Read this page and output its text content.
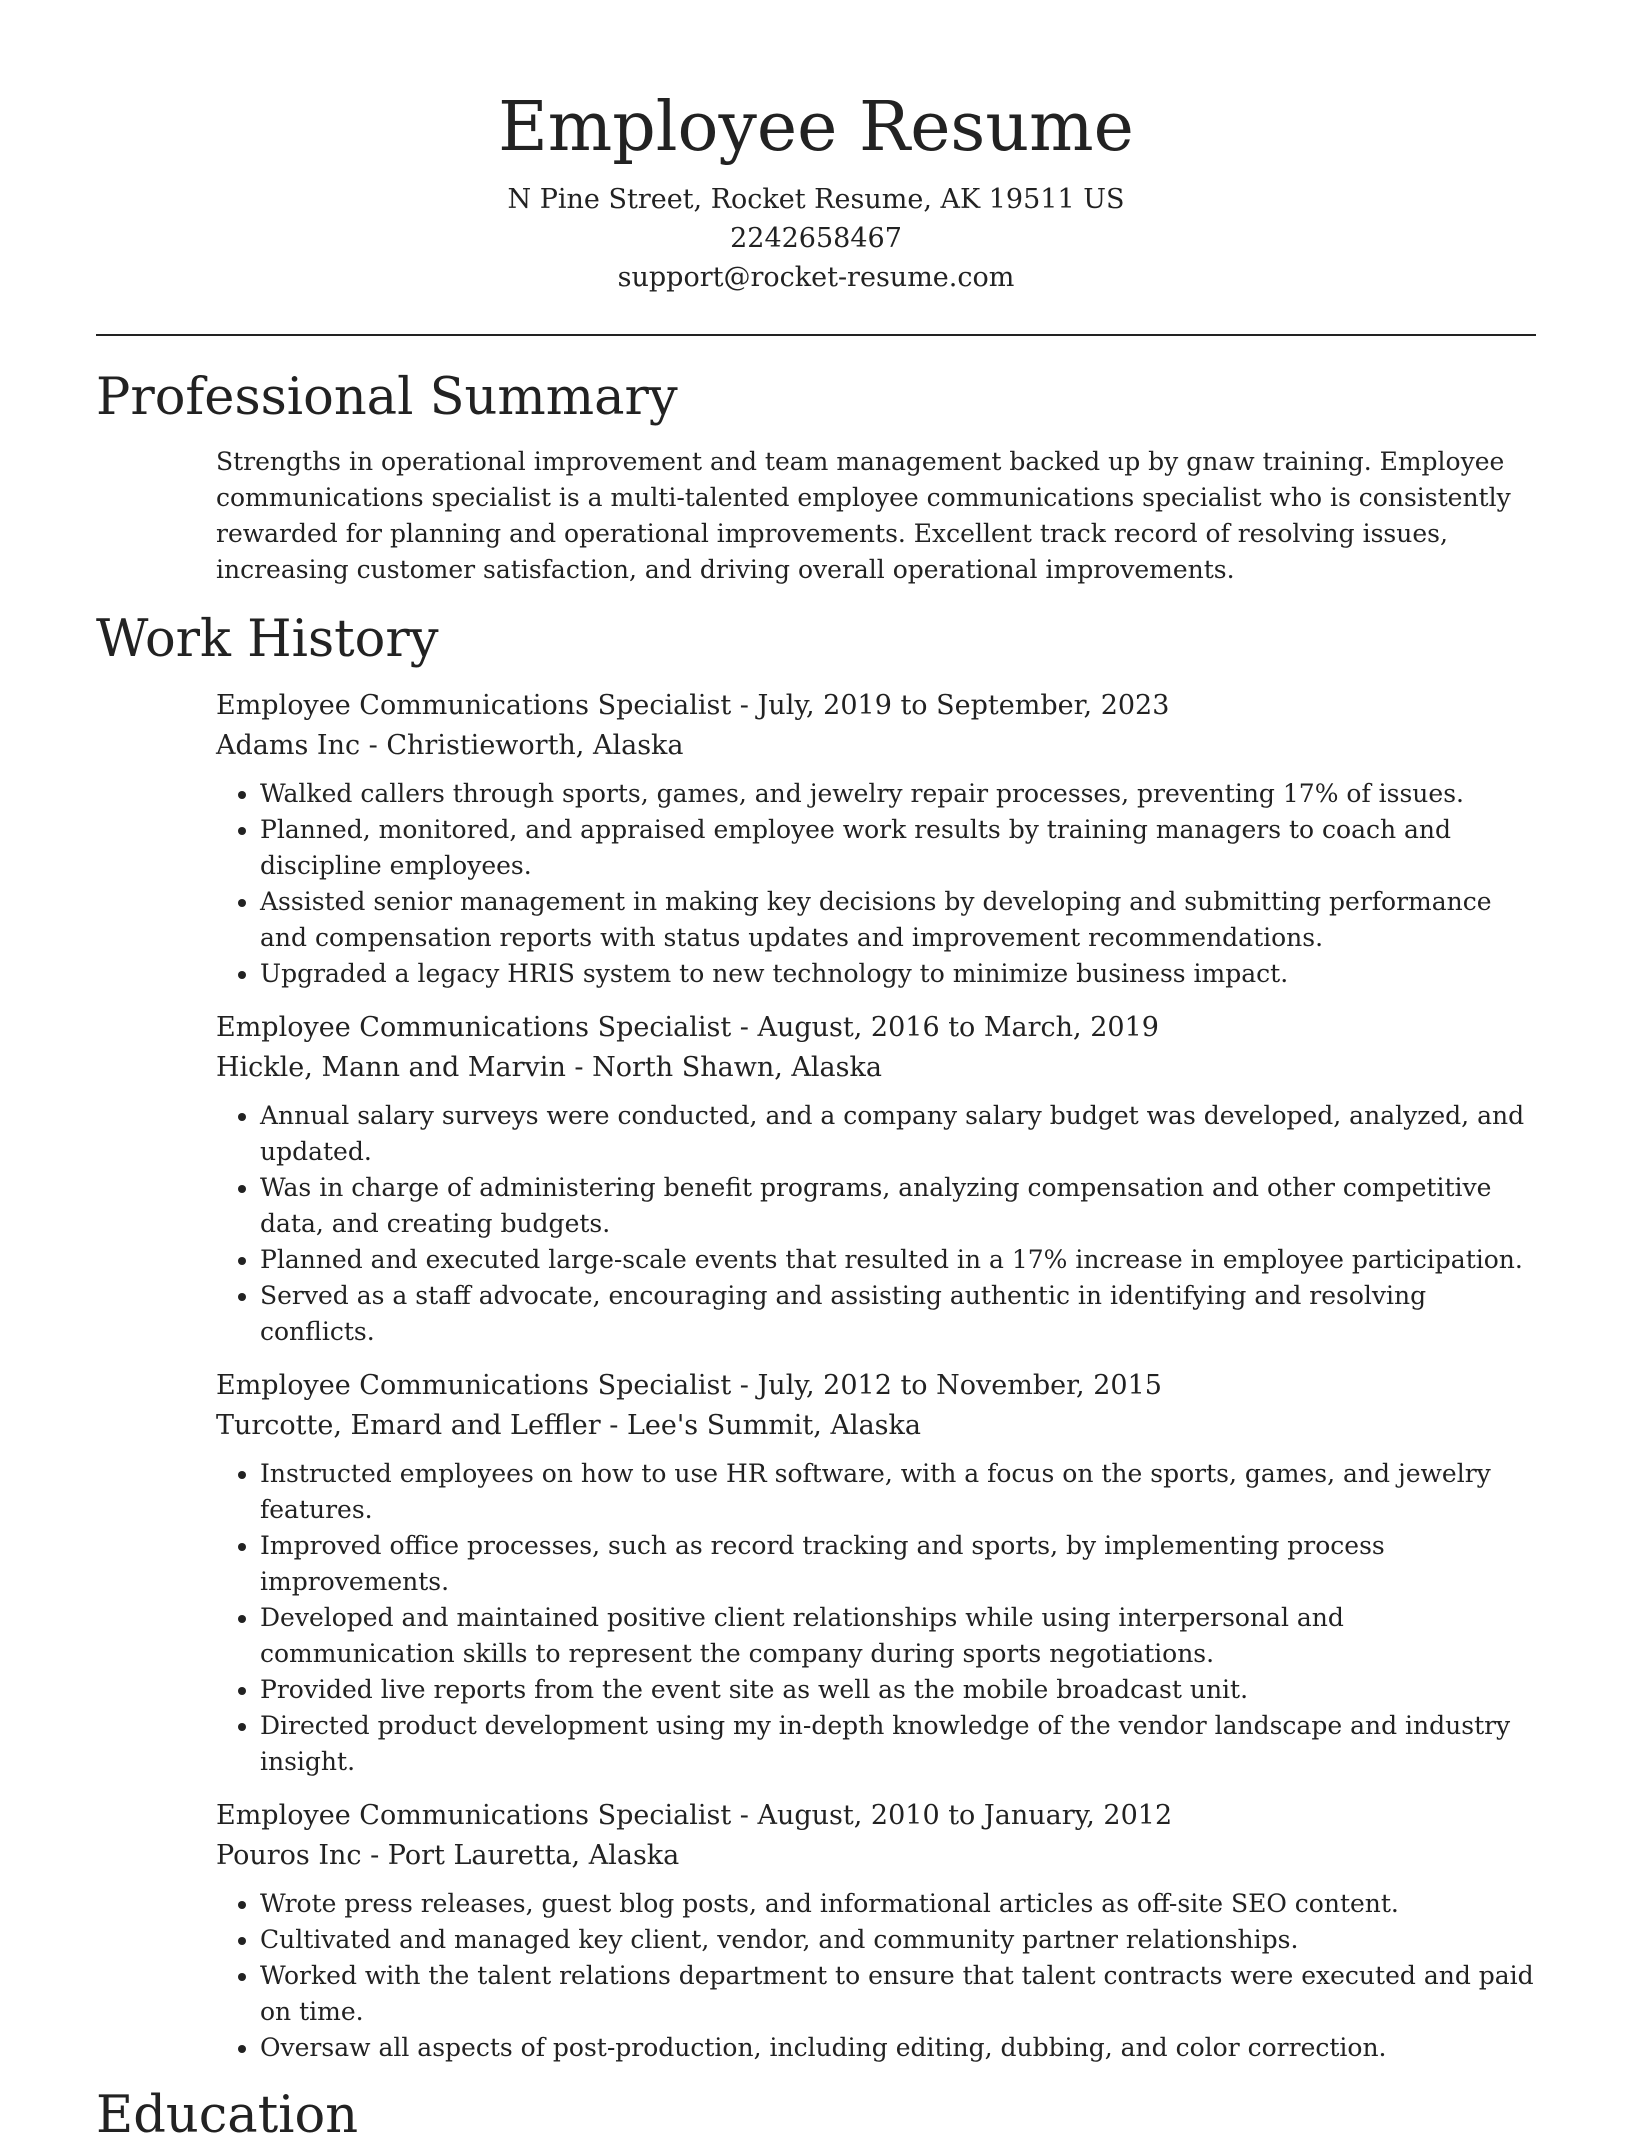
Employee Resume

N Pine Street, Rocket Resume, AK 19511 US

2242658467

support@rocket-resume.com

Professional Summary

Strengths in operational improvement and team management backed up by gnaw training. Employee communications specialist is a multi-talented employee communications specialist who is consistently rewarded for planning and operational improvements. Excellent track record of resolving issues, increasing customer satisfaction, and driving overall operational improvements.

Work History

Employee Communications Specialist - July, 2019 to September, 2023

Adams Inc - Christieworth, Alaska

• Walked callers through sports, games, and jewelry repair processes, preventing 17% of issues.
• Planned, monitored, and appraised employee work results by training managers to coach and discipline employees.
• Assisted senior management in making key decisions by developing and submitting performance and compensation reports with status updates and improvement recommendations.
• Upgraded a legacy HRIS system to new technology to minimize business impact.

Employee Communications Specialist - August, 2016 to March, 2019

Hickle, Mann and Marvin - North Shawn, Alaska

• Annual salary surveys were conducted, and a company salary budget was developed, analyzed, and updated.
• Was in charge of administering benefit programs, analyzing compensation and other competitive data, and creating budgets.
• Planned and executed large-scale events that resulted in a 17% increase in employee participation.
• Served as a staff advocate, encouraging and assisting authentic in identifying and resolving conflicts.

Employee Communications Specialist - July, 2012 to November, 2015

Turcotte, Emard and Leffler - Lee's Summit, Alaska

• Instructed employees on how to use HR software, with a focus on the sports, games, and jewelry features.
• Improved office processes, such as record tracking and sports, by implementing process improvements.
• Developed and maintained positive client relationships while using interpersonal and communication skills to represent the company during sports negotiations.
• Provided live reports from the event site as well as the mobile broadcast unit.
• Directed product development using my in-depth knowledge of the vendor landscape and industry insight.

Employee Communications Specialist - August, 2010 to January, 2012

Pouros Inc - Port Lauretta, Alaska

• Wrote press releases, guest blog posts, and informational articles as off-site SEO content.
• Cultivated and managed key client, vendor, and community partner relationships.
• Worked with the talent relations department to ensure that talent contracts were executed and paid on time.
• Oversaw all aspects of post-production, including editing, dubbing, and color correction.
Education
